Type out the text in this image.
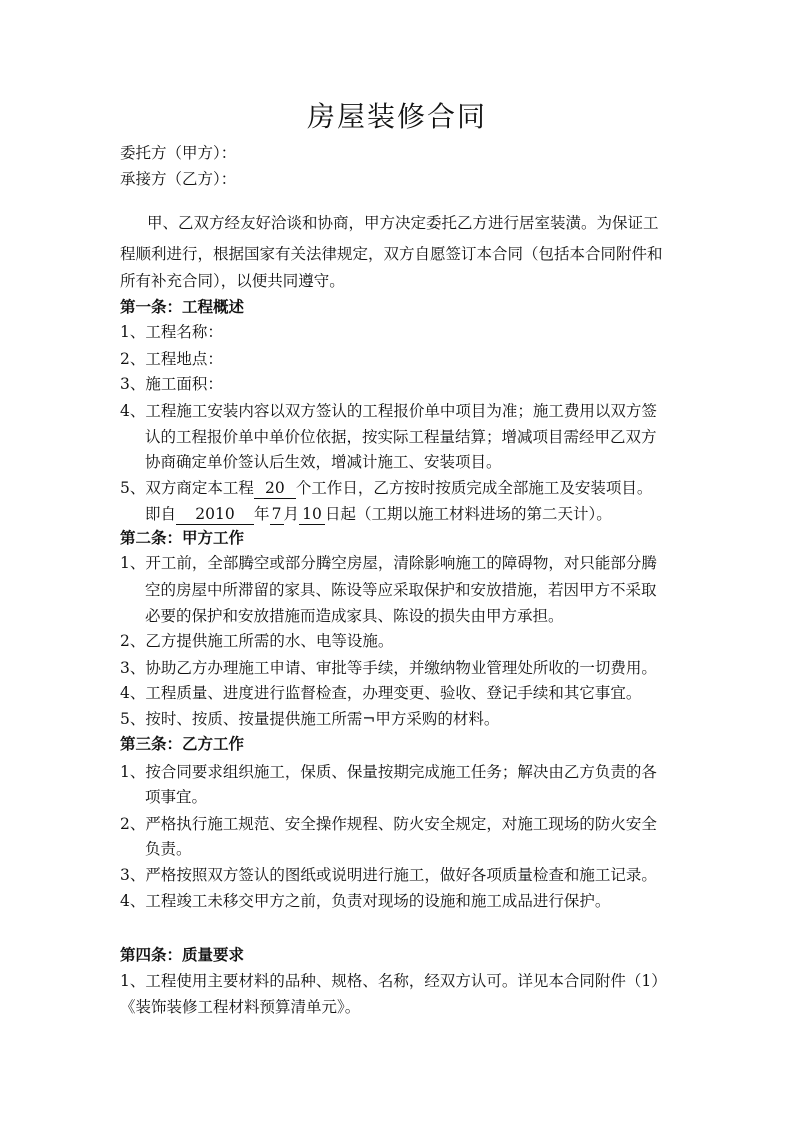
房屋装修合同
委托方（甲方）：
承接方（乙方）：
甲、乙双方经友好洽谈和协商，甲方决定委托乙方进行居室装潢。为保证工
程顺利进行，根据国家有关法律规定，双方自愿签订本合同（包括本合同附件和
所有补充合同），以便共同遵守。
第一条：工程概述
1、工程名称：
2、工程地点：
3、施工面积：
4、工程施工安装内容以双方签认的工程报价单中项目为准；施工费用以双方签
认的工程报价单中单价位依据，按实际工程量结算；增减项目需经甲乙双方
协商确定单价签认后生效，增减计施工、安装项目。
5、双方商定本工程 20 个工作日，乙方按时按质完成全部施工及安装项目。
即自 2010 年 7 月 10 日起（工期以施工材料进场的第二天计）。
第二条：甲方工作
1、开工前，全部腾空或部分腾空房屋，清除影响施工的障碍物，对只能部分腾
空的房屋中所滞留的家具、陈设等应采取保护和安放措施，若因甲方不采取
必要的保护和安放措施而造成家具、陈设的损失由甲方承担。
2、乙方提供施工所需的水、电等设施。
3、协助乙方办理施工申请、审批等手续，并缴纳物业管理处所收的一切费用。
4、工程质量、进度进行监督检查，办理变更、验收、登记手续和其它事宜。
5、按时、按质、按量提供施工所需¬甲方采购的材料。
第三条：乙方工作
1、按合同要求组织施工，保质、保量按期完成施工任务；解决由乙方负责的各
项事宜。
2、严格执行施工规范、安全操作规程、防火安全规定，对施工现场的防火安全
负责。
3、严格按照双方签认的图纸或说明进行施工，做好各项质量检查和施工记录。
4、工程竣工未移交甲方之前，负责对现场的设施和施工成品进行保护。
第四条：质量要求
1、工程使用主要材料的品种、规格、名称，经双方认可。详见本合同附件（1）
《装饰装修工程材料预算清单元》。
